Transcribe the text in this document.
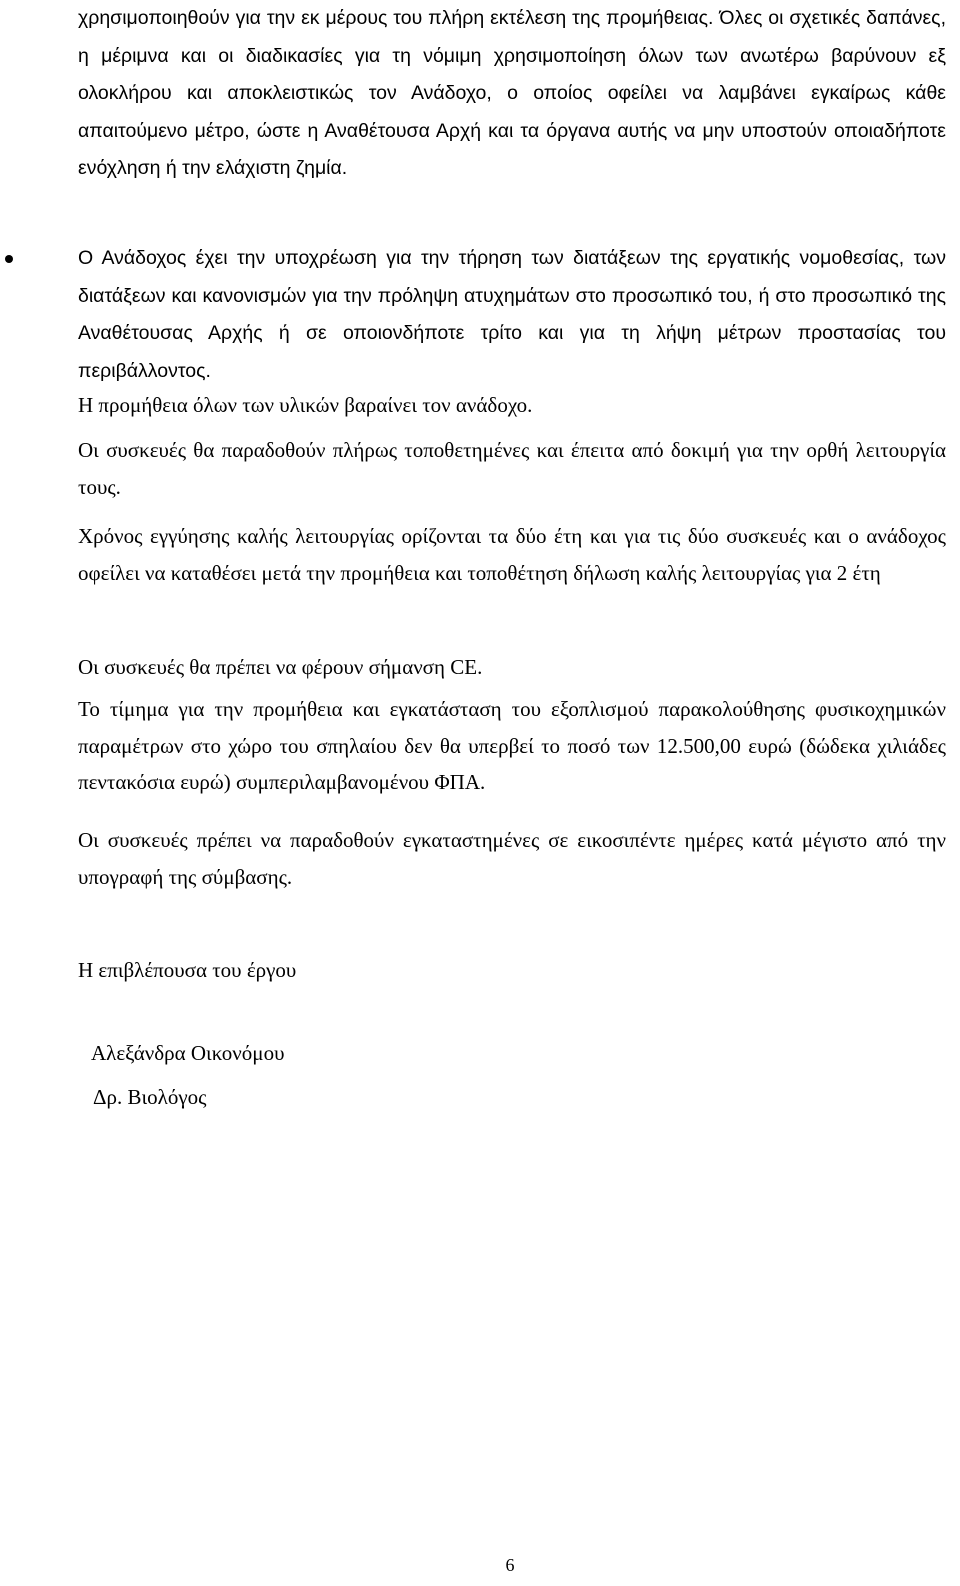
χρησιμοποιηθούν για την εκ μέρους του πλήρη εκτέλεση της προμήθειας. Όλες οι σχετικές δαπάνες, η μέριμνα και οι διαδικασίες για τη νόμιμη χρησιμοποίηση όλων των ανωτέρω βαρύνουν εξ ολοκλήρου και αποκλειστικώς τον Ανάδοχο, ο οποίος οφείλει να λαμβάνει εγκαίρως κάθε απαιτούμενο μέτρο, ώστε η Αναθέτουσα Αρχή και τα όργανα αυτής να μην υποστούν οποιαδήποτε ενόχληση ή την ελάχιστη ζημία.

Ο Ανάδοχος έχει την υποχρέωση για την τήρηση των διατάξεων της εργατικής νομοθεσίας, των διατάξεων και κανονισμών για την πρόληψη ατυχημάτων στο προσωπικό του, ή στο προσωπικό της Αναθέτουσας Αρχής ή σε οποιονδήποτε τρίτο και για τη λήψη μέτρων προστασίας του περιβάλλοντος.

Η προμήθεια όλων των υλικών βαραίνει τον ανάδοχο.

Οι συσκευές θα παραδοθούν πλήρως τοποθετημένες και έπειτα από δοκιμή για την ορθή λειτουργία τους.

Χρόνος εγγύησης καλής λειτουργίας ορίζονται τα δύο έτη και για τις δύο συσκευές και ο ανάδοχος οφείλει να καταθέσει μετά την προμήθεια και τοποθέτηση δήλωση καλής λειτουργίας για 2 έτη

Οι συσκευές θα πρέπει να φέρουν σήμανση CE.

Το τίμημα για την προμήθεια και εγκατάσταση του εξοπλισμού παρακολούθησης φυσικοχημικών παραμέτρων στο χώρο του σπηλαίου δεν θα υπερβεί το ποσό των 12.500,00 ευρώ (δώδεκα χιλιάδες πεντακόσια ευρώ) συμπεριλαμβανομένου ΦΠΑ.

Οι συσκευές πρέπει να παραδοθούν εγκαταστημένες σε εικοσιπέντε ημέρες κατά μέγιστο από την υπογραφή της σύμβασης.

Η επιβλέπουσα του έργου

Αλεξάνδρα Οικονόμου

Δρ. Βιολόγος

6
